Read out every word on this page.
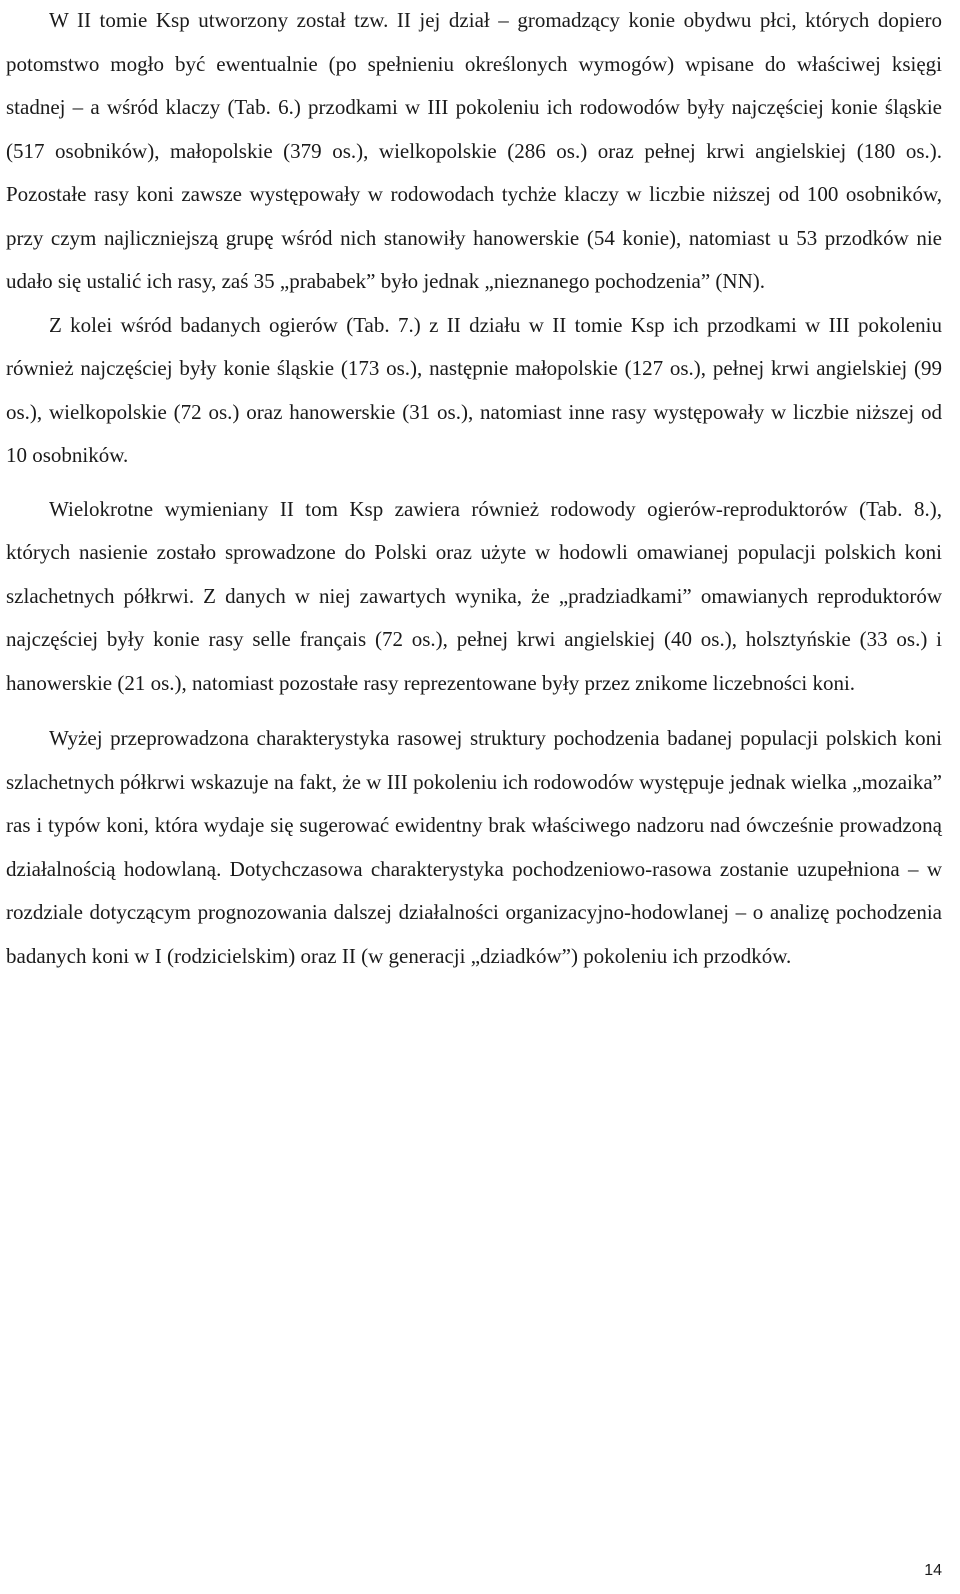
W II tomie Ksp utworzony został tzw. II jej dział – gromadzący konie obydwu płci, których dopiero potomstwo mogło być ewentualnie (po spełnieniu określonych wymogów) wpisane do właściwej księgi stadnej – a wśród klaczy (Tab. 6.) przodkami w III pokoleniu ich rodowodów były najczęściej konie śląskie (517 osobników), małopolskie (379 os.), wielkopolskie (286 os.) oraz pełnej krwi angielskiej (180 os.). Pozostałe rasy koni zawsze występowały w rodowodach tychże klaczy w liczbie niższej od 100 osobników, przy czym najliczniejszą grupę wśród nich stanowiły hanowerskie (54 konie), natomiast u 53 przodków nie udało się ustalić ich rasy, zaś 35 „prababek” było jednak „nieznanego pochodzenia” (NN).

Z kolei wśród badanych ogierów (Tab. 7.) z II działu w II tomie Ksp ich przodkami w III pokoleniu również najczęściej były konie śląskie (173 os.), następnie małopolskie (127 os.), pełnej krwi angielskiej (99 os.), wielkopolskie (72 os.) oraz hanowerskie (31 os.), natomiast inne rasy występowały w liczbie niższej od 10 osobników.

Wielokrotne wymieniany II tom Ksp zawiera również rodowody ogierów-reproduktorów (Tab. 8.), których nasienie zostało sprowadzone do Polski oraz użyte w hodowli omawianej populacji polskich koni szlachetnych półkrwi. Z danych w niej zawartych wynika, że „pradziadkami” omawianych reproduktorów najczęściej były konie rasy selle français (72 os.), pełnej krwi angielskiej (40 os.), holsztyńskie (33 os.) i hanowerskie (21 os.), natomiast pozostałe rasy reprezentowane były przez znikome liczebności koni.

Wyżej przeprowadzona charakterystyka rasowej struktury pochodzenia badanej populacji polskich koni szlachetnych półkrwi wskazuje na fakt, że w III pokoleniu ich rodowodów występuje jednak wielka „mozaika” ras i typów koni, która wydaje się sugerować ewidentny brak właściwego nadzoru nad ówcześnie prowadzoną działalnością hodowlaną. Dotychczasowa charakterystyka pochodzeniowo-rasowa zostanie uzupełniona – w rozdziale dotyczącym prognozowania dalszej działalności organizacyjno-hodowlanej – o analizę pochodzenia badanych koni w I (rodzicielskim) oraz II (w generacji „dziadków”) pokoleniu ich przodków.

14
